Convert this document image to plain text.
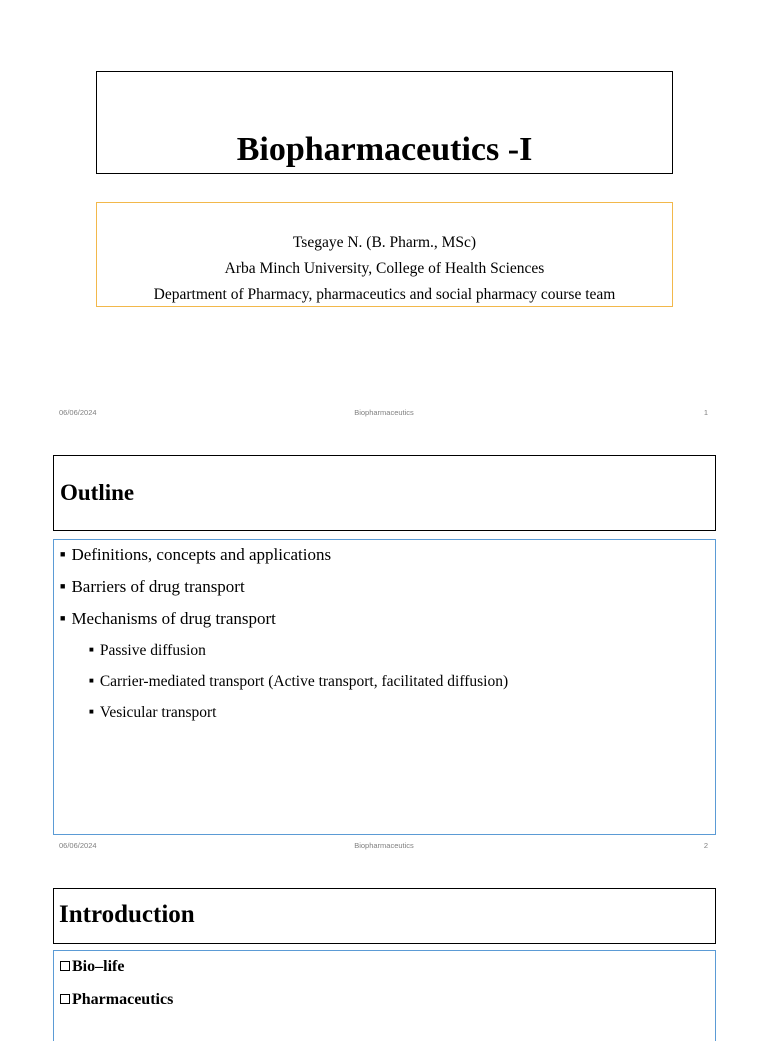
Biopharmaceutics -I
Tsegaye N. (B. Pharm., MSc)
Arba Minch University, College of Health Sciences
Department of Pharmacy, pharmaceutics and social pharmacy course team
06/06/2024	Biopharmaceutics	1
Outline
■ Definitions, concepts and applications
■ Barriers of drug transport
■ Mechanisms of drug transport
■ Passive diffusion
■ Carrier-mediated transport (Active transport, facilitated diffusion)
■ Vesicular transport
06/06/2024	Biopharmaceutics	2
Introduction
Bio–life
Pharmaceutics
